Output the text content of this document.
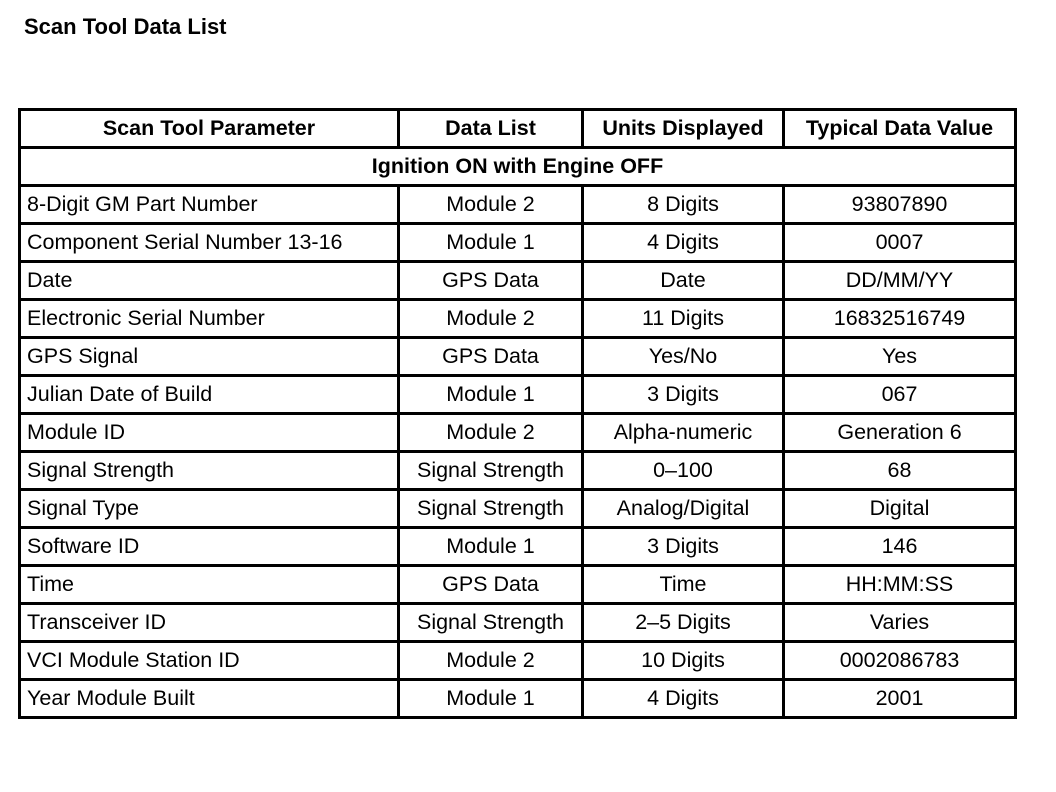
Scan Tool Data List
Scan Tool Parameter	Data List	Units Displayed	Typical Data Value
Ignition ON with Engine OFF			
8-Digit GM Part Number	Module 2	8 Digits	93807890
Component Serial Number 13-16	Module 1	4 Digits	0007
Date	GPS Data	Date	DD/MM/YY
Electronic Serial Number	Module 2	11 Digits	16832516749
GPS Signal	GPS Data	Yes/No	Yes
Julian Date of Build	Module 1	3 Digits	067
Module ID	Module 2	Alpha-numeric	Generation 6
Signal Strength	Signal Strength	0–100	68
Signal Type	Signal Strength	Analog/Digital	Digital
Software ID	Module 1	3 Digits	146
Time	GPS Data	Time	HH:MM:SS
Transceiver ID	Signal Strength	2–5 Digits	Varies
VCI Module Station ID	Module 2	10 Digits	0002086783
Year Module Built	Module 1	4 Digits	2001
